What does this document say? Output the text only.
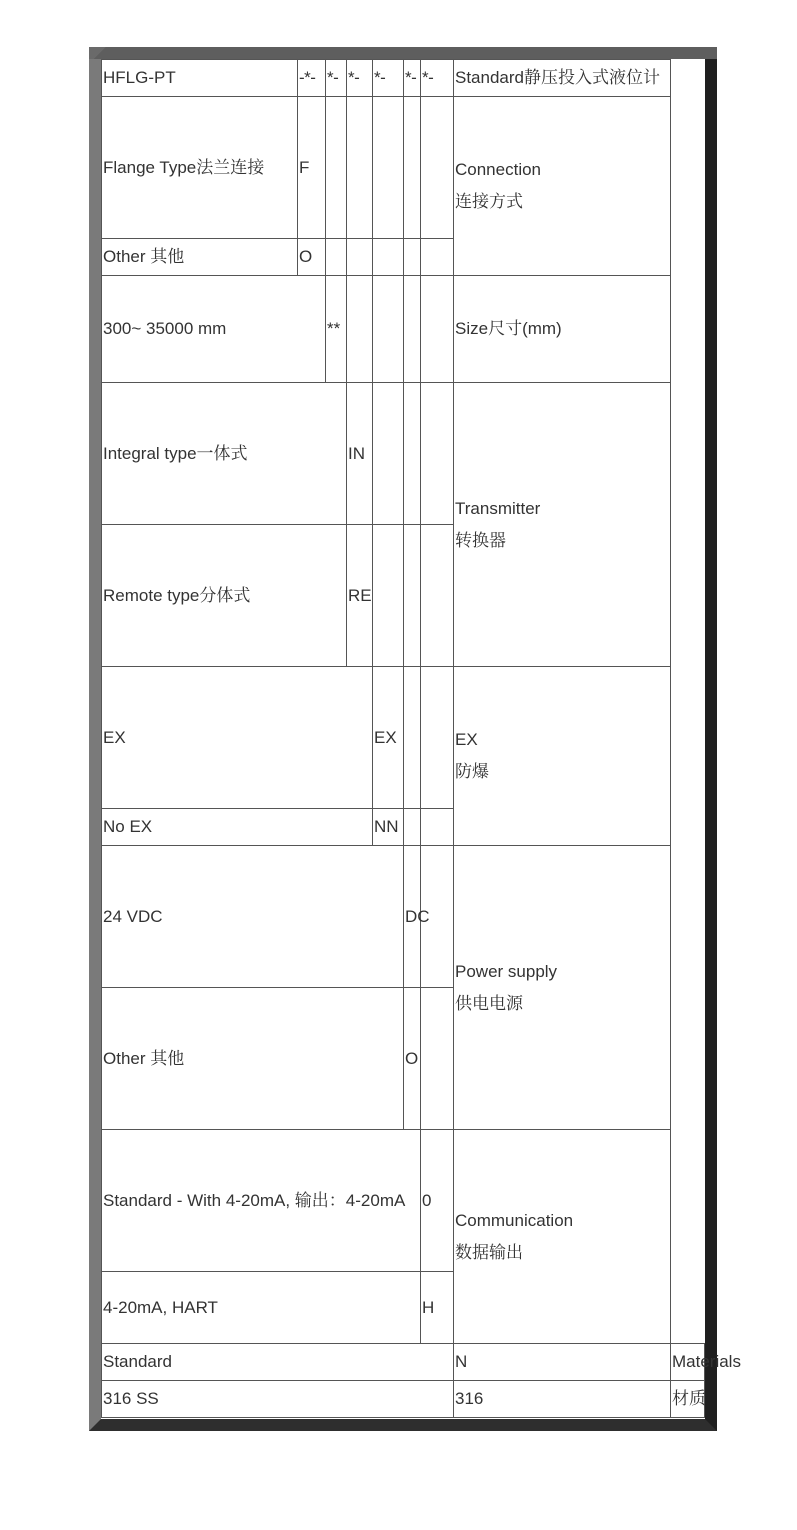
HFLG-PT	-*-	*-	*-	*-	*-	*-	Standard静压投入式液位计	
Flange Type法兰连接	F						Connection
连接方式	

Other 其他	O							
300~ 35000 mm		**					Size尺寸(mm)	
Integral type一体式			IN				Transmitter
转换器	

Remote type分体式			RE					
EX				EX			EX
防爆	

No EX				NN				
24 VDC					DC		Power supply
供电电源	

Other 其他					O			
Standard - With 4-20mA, 输出：4-20mA						0	Communication
数据输出	

4-20mA, HART						H		
Standard							N	Materials
316 SS							316	材质
